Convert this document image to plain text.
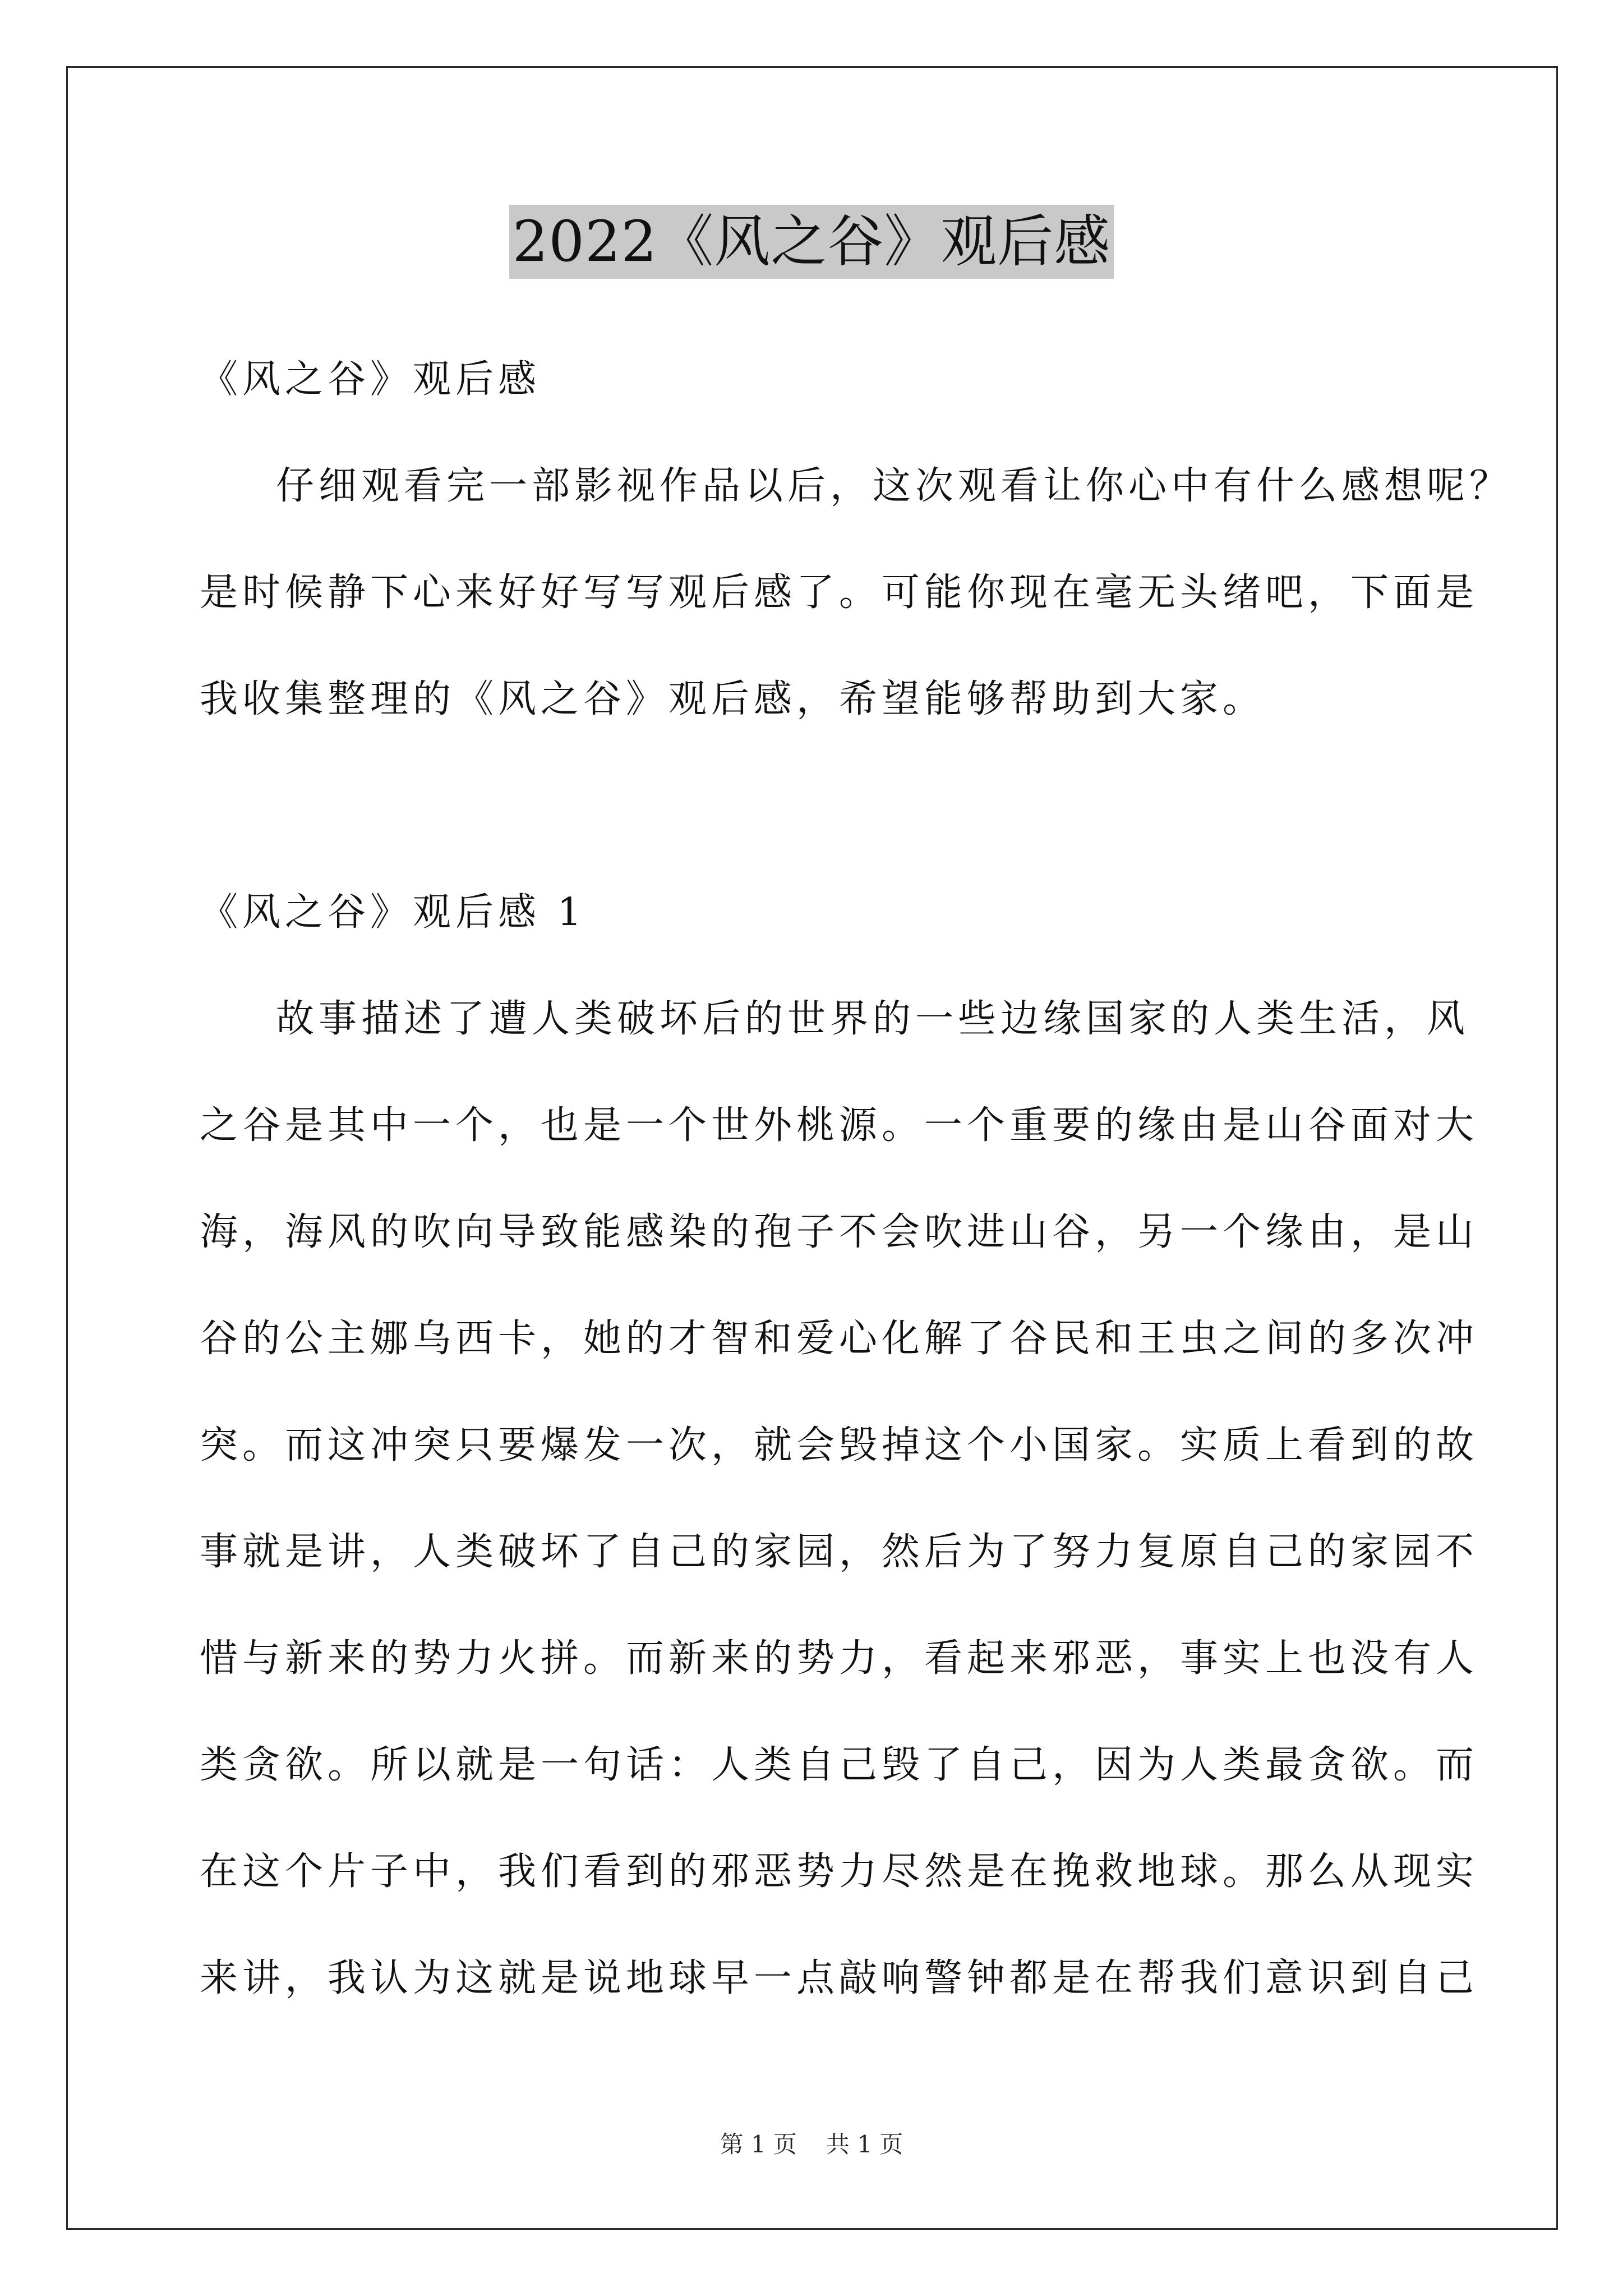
2022《风之谷》观后感
《风之谷》观后感
仔细观看完一部影视作品以后，这次观看让你心中有什么感想呢？
是时候静下心来好好写写观后感了。可能你现在毫无头绪吧，下面是
我收集整理的《风之谷》观后感，希望能够帮助到大家。
《风之谷》观后感 1
故事描述了遭人类破坏后的世界的一些边缘国家的人类生活，风
之谷是其中一个，也是一个世外桃源。一个重要的缘由是山谷面对大
海，海风的吹向导致能感染的孢子不会吹进山谷，另一个缘由，是山
谷的公主娜乌西卡，她的才智和爱心化解了谷民和王虫之间的多次冲
突。而这冲突只要爆发一次，就会毁掉这个小国家。实质上看到的故
事就是讲，人类破坏了自己的家园，然后为了努力复原自己的家园不
惜与新来的势力火拼。而新来的势力，看起来邪恶，事实上也没有人
类贪欲。所以就是一句话：人类自己毁了自己，因为人类最贪欲。而
在这个片子中，我们看到的邪恶势力尽然是在挽救地球。那么从现实
来讲，我认为这就是说地球早一点敲响警钟都是在帮我们意识到自己
第 1 页 共 1 页
